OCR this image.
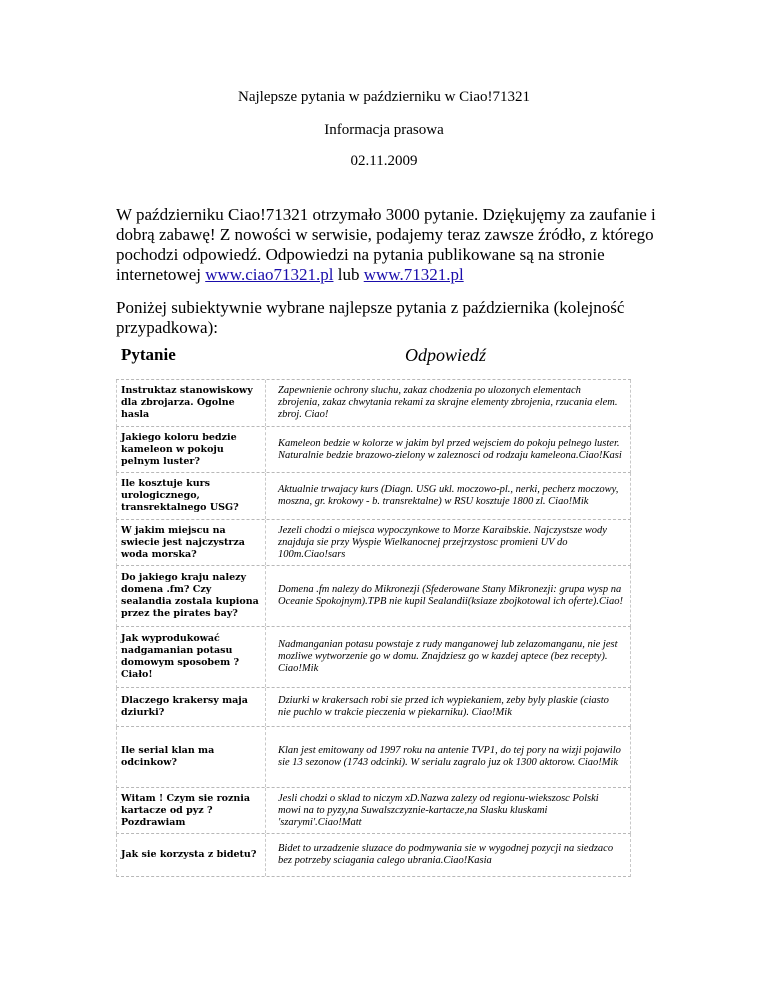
Najlepsze pytania w październiku w Ciao!71321
Informacja prasowa
02.11.2009
W październiku Ciao!71321 otrzymało 3000 pytanie. Dziękujęmy za zaufanie i dobrą zabawę! Z nowości w serwisie, podajemy teraz zawsze źródło, z którego pochodzi odpowiedź. Odpowiedzi na pytania publikowane są na stronie internetowej www.ciao71321.pl lub www.71321.pl
Poniżej subiektywnie wybrane najlepsze pytania z października (kolejność przypadkowa):
Pytanie	Odpowiedź
Instruktaz stanowiskowy dla zbrojarza. Ogolne hasla
Zapewnienie ochrony sluchu, zakaz chodzenia po ulozonych elementach zbrojenia, zakaz chwytania rekami za skrajne elementy zbrojenia, rzucania elem. zbroj. Ciao!
Jakiego koloru bedzie kameleon w pokoju pelnym luster?
Kameleon bedzie w kolorze w jakim byl przed wejsciem do pokoju pelnego luster. Naturalnie bedzie brazowo-zielony w zaleznosci od rodzaju kameleona.Ciao!Kasi
Ile kosztuje kurs urologicznego, transrektalnego USG?
Aktualnie trwajacy kurs (Diagn. USG ukl. moczowo-pl., nerki, pecherz moczowy, moszna, gr. krokowy - b. transrektalne) w RSU kosztuje 1800 zl. Ciao!Mik
W jakim miejscu na swiecie jest najczystrza woda morska?
Jezeli chodzi o miejsca wypoczynkowe to Morze Karaibskie. Najczystsze wody znajduja sie przy Wyspie Wielkanocnej przejrzystosc promieni UV do 100m.Ciao!sars
Do jakiego kraju nalezy domena .fm? Czy sealandia zostala kupiona przez the pirates bay?
Domena .fm nalezy do Mikronezji (Sfederowane Stany Mikronezji: grupa wysp na Oceanie Spokojnym).TPB nie kupil Sealandii(ksiaze zbojkotowal ich oferte).Ciao!
Jak wyprodukować nadgamanian potasu domowym sposobem ? Ciało!
Nadmanganian potasu powstaje z rudy manganowej lub zelazomanganu, nie jest mozliwe wytworzenie go w domu. Znajdziesz go w kazdej aptece (bez recepty). Ciao!Mik
Dlaczego krakersy maja dziurki?
Dziurki w krakersach robi sie przed ich wypiekaniem, zeby byly plaskie (ciasto nie puchlo w trakcie pieczenia w piekarniku). Ciao!Mik
Ile serial klan ma odcinkow?
Klan jest emitowany od 1997 roku na antenie TVP1, do tej pory na wizji pojawilo sie 13 sezonow (1743 odcinki). W serialu zagralo juz ok 1300 aktorow. Ciao!Mik
Witam ! Czym sie roznia kartacze od pyz ? Pozdrawiam
Jesli chodzi o sklad to niczym xD.Nazwa zalezy od regionu-wiekszosc Polski mowi na to pyzy,na Suwalszczyznie-kartacze,na Slasku kluskami 'szarymi'.Ciao!Matt
Jak sie korzysta z bidetu?
Bidet to urzadzenie sluzace do podmywania sie w wygodnej pozycji na siedzaco bez potrzeby sciagania calego ubrania.Ciao!Kasia
